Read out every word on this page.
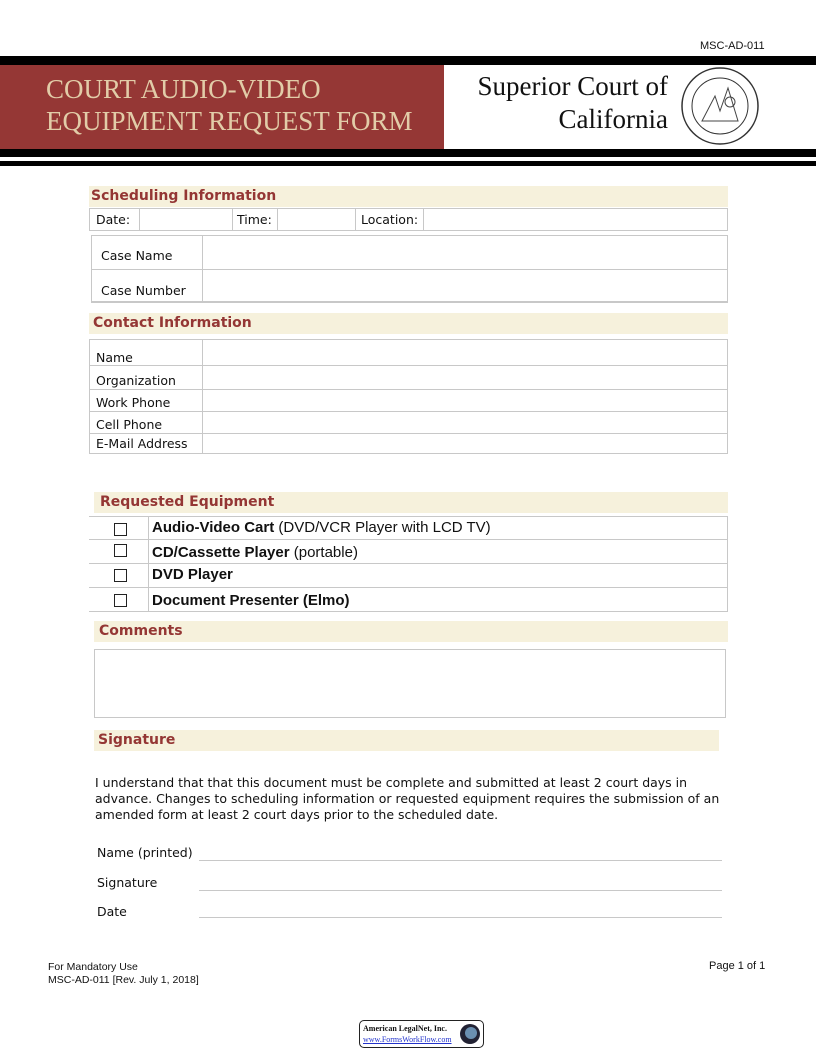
MSC-AD-011
COURT AUDIO-VIDEO
EQUIPMENT REQUEST FORM
Superior Court of
California
Scheduling Information
Date:	Time:	Location:
Case Name
Case Number
Contact Information
Name
Organization
Work Phone
Cell Phone
E-Mail Address
Requested Equipment
Audio-Video Cart (DVD/VCR Player with LCD TV)
CD/Cassette Player (portable)
DVD Player
Document Presenter (Elmo)
Comments
Signature
I understand that that this document must be complete and submitted at least 2 court days in advance. Changes to scheduling information or requested equipment requires the submission of an amended form at least 2 court days prior to the scheduled date.
Name (printed)
Signature
Date
For Mandatory Use
MSC-AD-011 [Rev. July 1, 2018]
Page 1 of 1
American LegalNet, Inc.
www.FormsWorkFlow.com
